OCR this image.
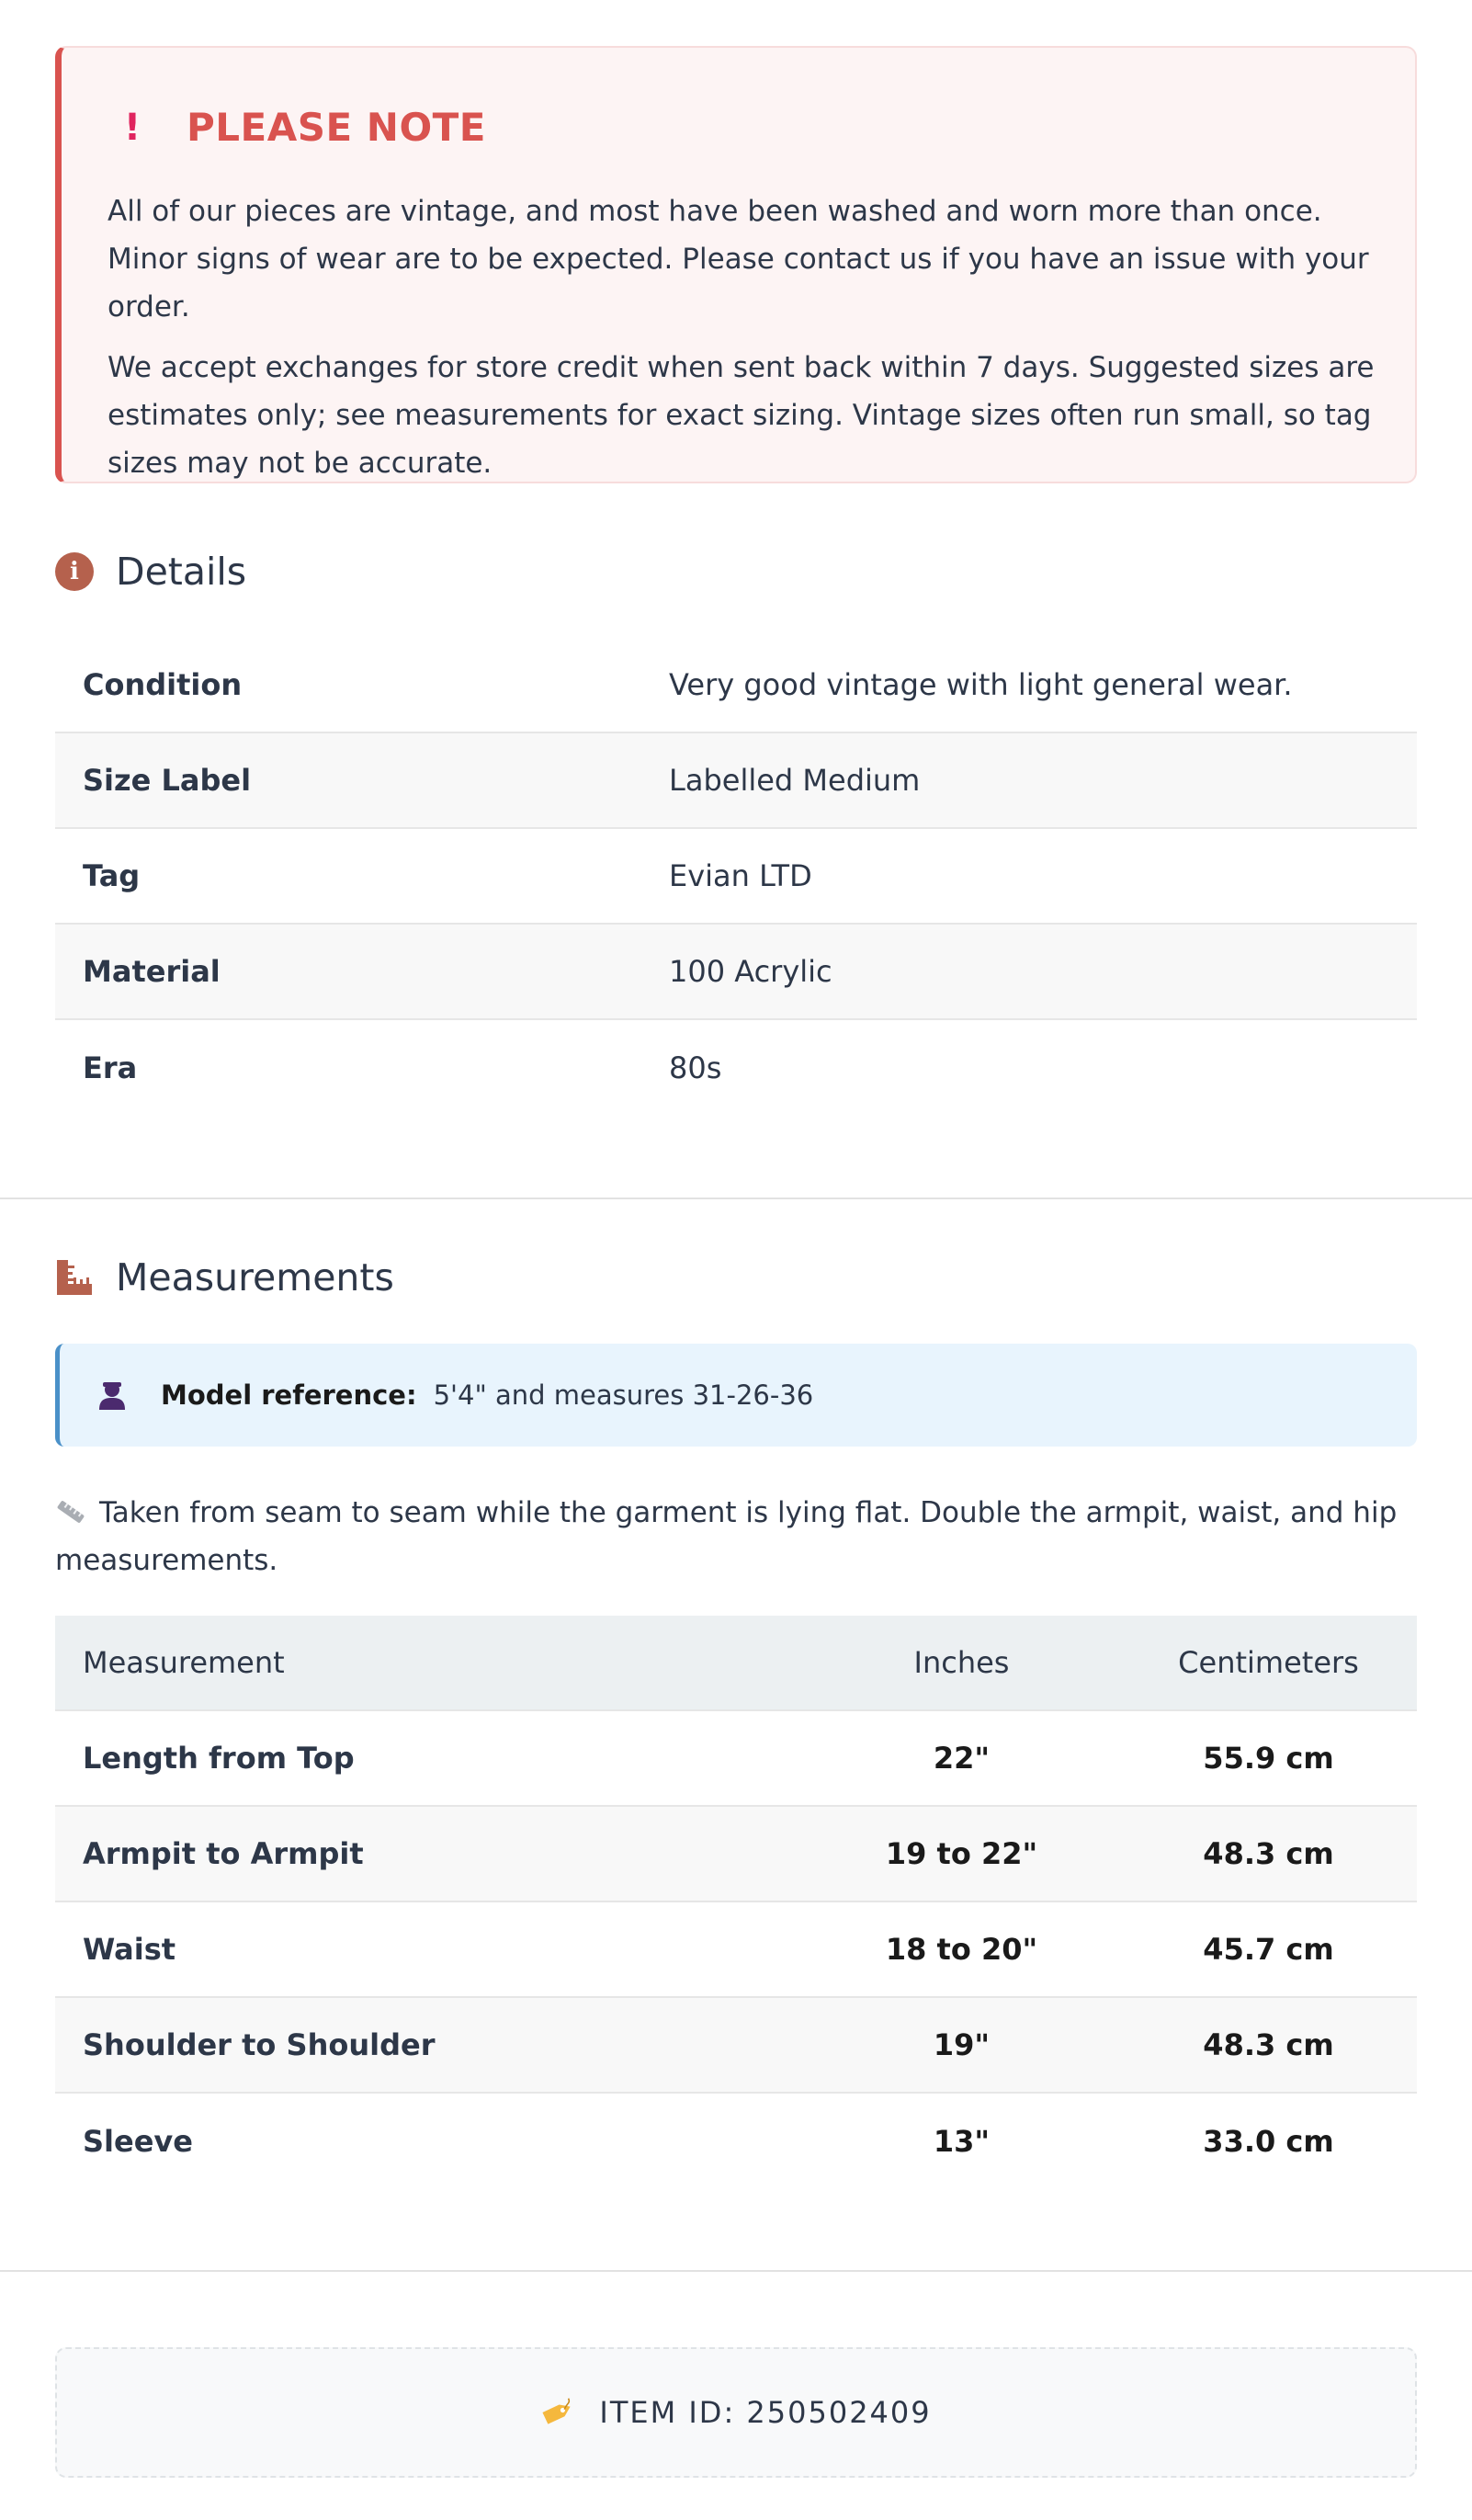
! PLEASE NOTE

All of our pieces are vintage, and most have been washed and worn more than once. Minor signs of wear are to be expected. Please contact us if you have an issue with your order.

We accept exchanges for store credit when sent back within 7 days. Suggested sizes are estimates only; see measurements for exact sizing. Vintage sizes often run small, so tag sizes may not be accurate.

i Details
Condition	Very good vintage with light general wear.
Size Label	Labelled Medium
Tag	Evian LTD
Material	100 Acrylic
Era	80s
Measurements
Model reference: 5'4" and measures 31-26-36

Taken from seam to seam while the garment is lying flat. Double the armpit, waist, and hip measurements.

Measurement	Inches	Centimeters
Length from Top	22"	55.9 cm
Armpit to Armpit	19 to 22"	48.3 cm
Waist	18 to 20"	45.7 cm
Shoulder to Shoulder	19"	48.3 cm
Sleeve	13"	33.0 cm
ITEM ID: 250502409
